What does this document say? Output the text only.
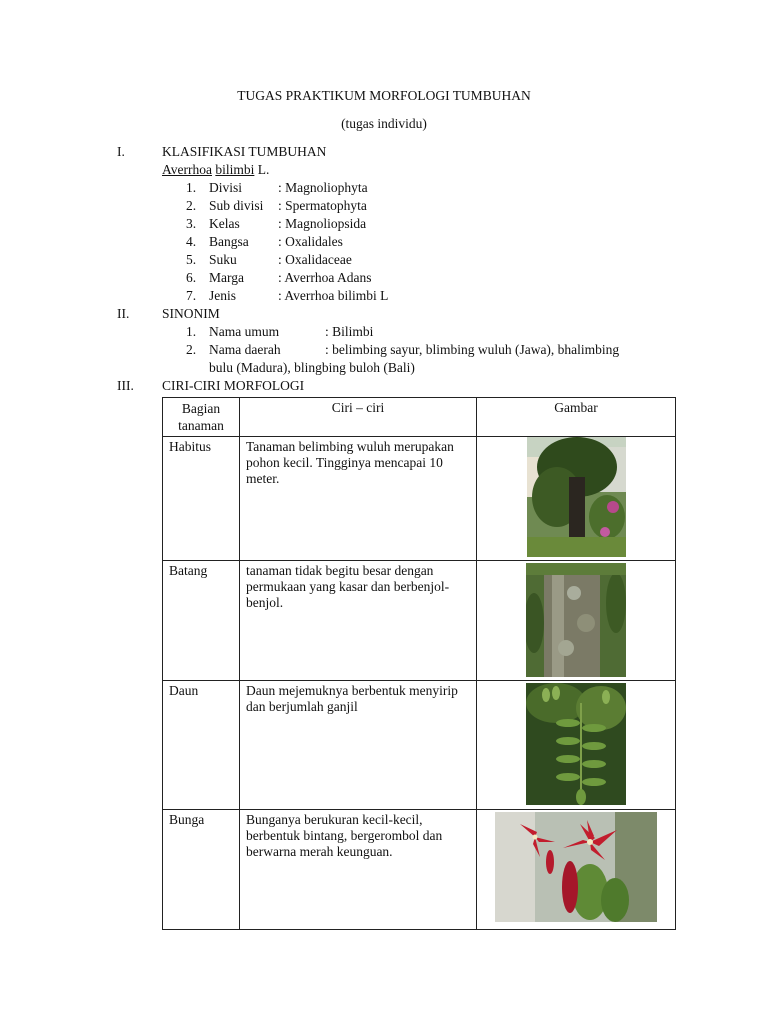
TUGAS PRAKTIKUM MORFOLOGI TUMBUHAN
(tugas individu)
I.	KLASIFIKASI TUMBUHAN
Averrhoa bilimbi L.
1. Divisi	: Magnoliophyta
2. Sub divisi : Spermatophyta
3. Kelas	: Magnoliopsida
4. Bangsa : Oxalidales
5. Suku	: Oxalidaceae
6. Marga	: Averrhoa Adans
7. Jenis	: Averrhoa bilimbi L
II. SINONIM
1. Nama umum	: Bilimbi
2. Nama daerah	: belimbing sayur, blimbing wuluh (Jawa), bhalimbing
bulu (Madura), blingbing buloh (Bali)
III. CIRI-CIRI MORFOLOGI
Bagian tanaman	Ciri – ciri	Gambar
Habitus	Tanaman belimbing wuluh merupakan pohon kecil. Tingginya mencapai 10 meter.	

Batang	tanaman tidak begitu besar dengan permukaan yang kasar dan berbenjol-benjol.	

Daun	Daun mejemuknya berbentuk menyirip dan berjumlah ganjil	

Bunga	Bunganya berukuran kecil-kecil, berbentuk bintang, bergerombol dan berwarna merah keunguan.	
